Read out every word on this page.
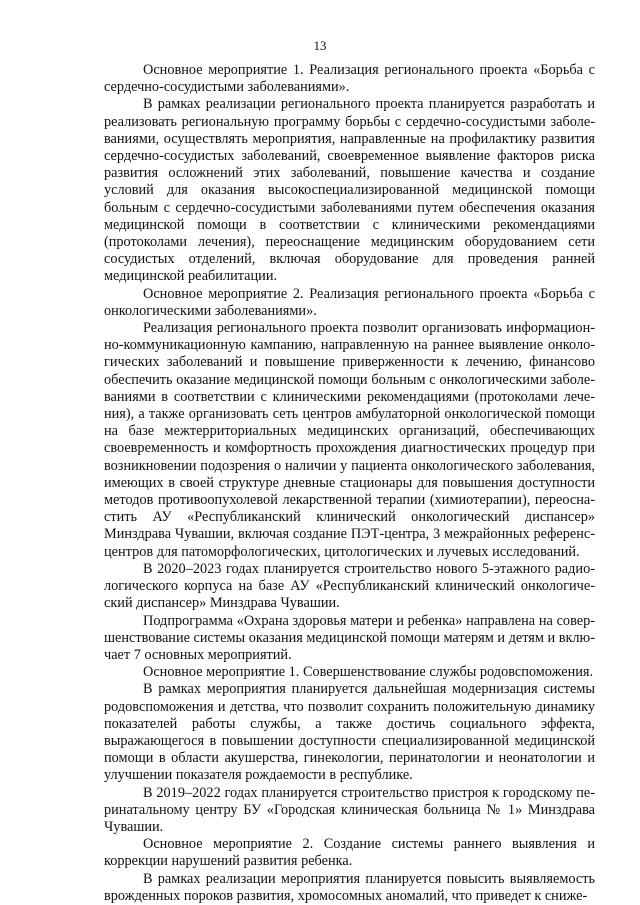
13

Основное мероприятие 1. Реализация регионального проекта «Борьба с сердечно-сосудистыми заболеваниями».

В рамках реализации регионального проекта планируется разработать и реализовать региональную программу борьбы с сердечно-сосудистыми заболеваниями, осуществлять мероприятия, направленные на профилактику развития сердечно-сосудистых заболеваний, своевременное выявление факторов риска развития осложнений этих заболеваний, повышение качества и создание условий для оказания высокоспециализированной медицинской помощи больным с сердечно-сосудистыми заболеваниями путем обеспечения оказания медицинской помощи в соответствии с клиническими рекомендациями (протоколами лечения), переоснащение медицинским оборудованием сети сосудистых отделений, включая оборудование для проведения ранней медицинской реабилитации.

Основное мероприятие 2. Реализация регионального проекта «Борьба с онкологическими заболеваниями».

Реализация регионального проекта позволит организовать информационно-коммуникационную кампанию, направленную на раннее выявление онкологических заболеваний и повышение приверженности к лечению, финансово обеспечить оказание медицинской помощи больным с онкологическими заболеваниями в соответствии с клиническими рекомендациями (протоколами лечения), а также организовать сеть центров амбулаторной онкологической помощи на базе межтерриториальных медицинских организаций, обеспечивающих своевременность и комфортность прохождения диагностических процедур при возникновении подозрения о наличии у пациента онкологического заболевания, имеющих в своей структуре дневные стационары для повышения доступности методов противоопухолевой лекарственной терапии (химиотерапии), переоснастить АУ «Республиканский клинический онкологический диспансер» Минздрава Чувашии, включая создание ПЭТ-центра, 3 межрайонных референс-центров для патоморфологических, цитологических и лучевых исследований.

В 2020–2023 годах планируется строительство нового 5-этажного радиологического корпуса на базе АУ «Республиканский клинический онкологический диспансер» Минздрава Чувашии.

Подпрограмма «Охрана здоровья матери и ребенка» направлена на совершенствование системы оказания медицинской помощи матерям и детям и включает 7 основных мероприятий.

Основное мероприятие 1. Совершенствование службы родовспоможения.

В рамках мероприятия планируется дальнейшая модернизация системы родовспоможения и детства, что позволит сохранить положительную динамику показателей работы службы, а также достичь социального эффекта, выражающегося в повышении доступности специализированной медицинской помощи в области акушерства, гинекологии, перинатологии и неонатологии и улучшении показателя рождаемости в республике.

В 2019–2022 годах планируется строительство пристроя к городскому перинатальному центру БУ «Городская клиническая больница № 1» Минздрава Чувашии.

Основное мероприятие 2. Создание системы раннего выявления и коррекции нарушений развития ребенка.

В рамках реализации мероприятия планируется повысить выявляемость врожденных пороков развития, хромосомных аномалий, что приведет к сниже-
